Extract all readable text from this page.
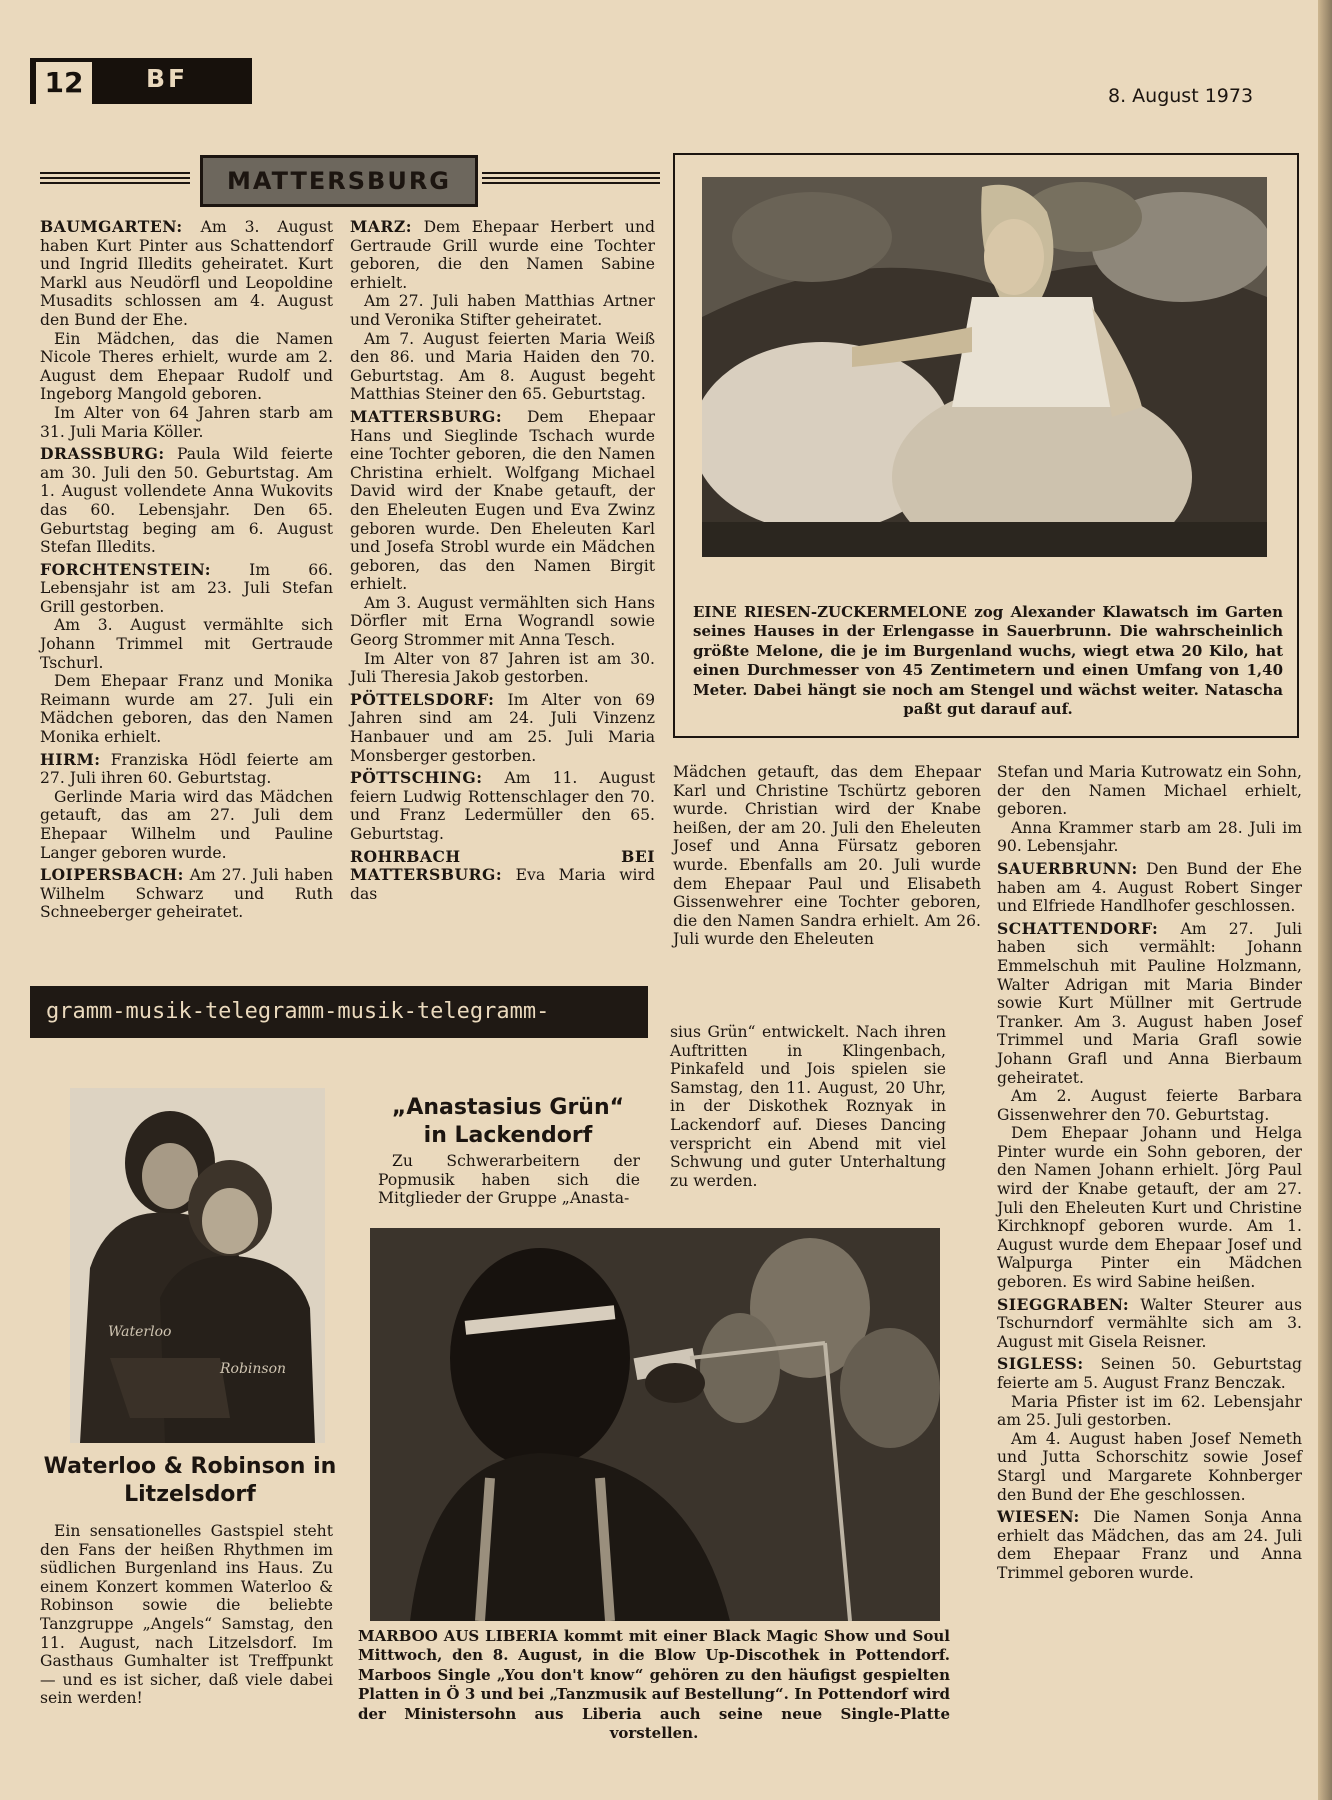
12	BF
8. August 1973
MATTERSBURG

BAUMGARTEN: Am 3. August haben Kurt Pinter aus Schattendorf und Ingrid Illedits geheiratet. Kurt Markl aus Neudörfl und Leopoldine Musadits schlossen am 4. August den Bund der Ehe.

Ein Mädchen, das die Namen Nicole Theres erhielt, wurde am 2. August dem Ehepaar Rudolf und Ingeborg Mangold geboren.

Im Alter von 64 Jahren starb am 31. Juli Maria Köller.

DRASSBURG: Paula Wild feierte am 30. Juli den 50. Geburtstag. Am 1. August vollendete Anna Wukovits das 60. Lebensjahr. Den 65. Geburtstag beging am 6. August Stefan Illedits.

FORCHTENSTEIN: Im 66. Lebensjahr ist am 23. Juli Stefan Grill gestorben.

Am 3. August vermählte sich Johann Trimmel mit Gertraude Tschurl.

Dem Ehepaar Franz und Monika Reimann wurde am 27. Juli ein Mädchen geboren, das den Namen Monika erhielt.

HIRM: Franziska Hödl feierte am 27. Juli ihren 60. Geburtstag.

Gerlinde Maria wird das Mädchen getauft, das am 27. Juli dem Ehepaar Wilhelm und Pauline Langer geboren wurde.

LOIPERSBACH: Am 27. Juli haben Wilhelm Schwarz und Ruth Schneeberger geheiratet.

MARZ: Dem Ehepaar Herbert und Gertraude Grill wurde eine Tochter geboren, die den Namen Sabine erhielt.

Am 27. Juli haben Matthias Artner und Veronika Stifter geheiratet.

Am 7. August feierten Maria Weiß den 86. und Maria Haiden den 70. Geburtstag. Am 8. August begeht Matthias Steiner den 65. Geburtstag.

MATTERSBURG: Dem Ehepaar Hans und Sieglinde Tschach wurde eine Tochter geboren, die den Namen Christina erhielt. Wolfgang Michael David wird der Knabe getauft, der den Eheleuten Eugen und Eva Zwinz geboren wurde. Den Eheleuten Karl und Josefa Strobl wurde ein Mädchen geboren, das den Namen Birgit erhielt.

Am 3. August vermählten sich Hans Dörfler mit Erna Wograndl sowie Georg Strommer mit Anna Tesch.

Im Alter von 87 Jahren ist am 30. Juli Theresia Jakob gestorben.

PÖTTELSDORF: Im Alter von 69 Jahren sind am 24. Juli Vinzenz Hanbauer und am 25. Juli Maria Monsberger gestorben.

PÖTTSCHING: Am 11. August feiern Ludwig Rottenschlager den 70. und Franz Ledermüller den 65. Geburtstag.

ROHRBACH BEI MATTERSBURG: Eva Maria wird das

EINE RIESEN-ZUCKERMELONE zog Alexander Klawatsch im Garten seines Hauses in der Erlengasse in Sauerbrunn. Die wahrscheinlich größte Melone, die je im Burgenland wuchs, wiegt etwa 20 Kilo, hat einen Durchmesser von 45 Zentimetern und einen Umfang von 1,40 Meter. Dabei hängt sie noch am Stengel und wächst weiter. Natascha paßt gut darauf auf.

Mädchen getauft, das dem Ehepaar Karl und Christine Tschürtz geboren wurde. Christian wird der Knabe heißen, der am 20. Juli den Eheleuten Josef und Anna Fürsatz geboren wurde. Ebenfalls am 20. Juli wurde dem Ehepaar Paul und Elisabeth Gissenwehrer eine Tochter geboren, die den Namen Sandra erhielt. Am 26. Juli wurde den Eheleuten

Stefan und Maria Kutrowatz ein Sohn, der den Namen Michael erhielt, geboren.

Anna Krammer starb am 28. Juli im 90. Lebensjahr.

SAUERBRUNN: Den Bund der Ehe haben am 4. August Robert Singer und Elfriede Handlhofer geschlossen.

SCHATTENDORF: Am 27. Juli haben sich vermählt: Johann Emmelschuh mit Pauline Holzmann, Walter Adrigan mit Maria Binder sowie Kurt Müllner mit Gertrude Tranker. Am 3. August haben Josef Trimmel und Maria Grafl sowie Johann Grafl und Anna Bierbaum geheiratet.

Am 2. August feierte Barbara Gissenwehrer den 70. Geburtstag.

Dem Ehepaar Johann und Helga Pinter wurde ein Sohn geboren, der den Namen Johann erhielt. Jörg Paul wird der Knabe getauft, der am 27. Juli den Eheleuten Kurt und Christine Kirchknopf geboren wurde. Am 1. August wurde dem Ehepaar Josef und Walpurga Pinter ein Mädchen geboren. Es wird Sabine heißen.

SIEGGRABEN: Walter Steurer aus Tschurndorf vermählte sich am 3. August mit Gisela Reisner.

SIGLESS: Seinen 50. Geburtstag feierte am 5. August Franz Benczak.

Maria Pfister ist im 62. Lebensjahr am 25. Juli gestorben.

Am 4. August haben Josef Nemeth und Jutta Schorschitz sowie Josef Stargl und Margarete Kohnberger den Bund der Ehe geschlossen.

WIESEN: Die Namen Sonja Anna erhielt das Mädchen, das am 24. Juli dem Ehepaar Franz und Anna Trimmel geboren wurde.

gramm-musik-telegramm-musik-telegramm-
Waterloo
Robinson
Waterloo & Robinson in Litzelsdorf

Ein sensationelles Gastspiel steht den Fans der heißen Rhythmen im südlichen Burgenland ins Haus. Zu einem Konzert kommen Waterloo & Robinson sowie die beliebte Tanzgruppe „Angels“ Samstag, den 11. August, nach Litzelsdorf. Im Gasthaus Gumhalter ist Treffpunkt — und es ist sicher, daß viele dabei sein werden!

„Anastasius Grün“ in Lackendorf

Zu Schwerarbeitern der Popmusik haben sich die Mitglieder der Gruppe „Anasta-

sius Grün“ entwickelt. Nach ihren Auftritten in Klingenbach, Pinkafeld und Jois spielen sie Samstag, den 11. August, 20 Uhr, in der Diskothek Roznyak in Lackendorf auf. Dieses Dancing verspricht ein Abend mit viel Schwung und guter Unterhaltung zu werden.

MARBOO AUS LIBERIA kommt mit einer Black Magic Show und Soul Mittwoch, den 8. August, in die Blow Up-Discothek in Pottendorf. Marboos Single „You don't know“ gehören zu den häufigst gespielten Platten in Ö 3 und bei „Tanzmusik auf Bestellung“. In Pottendorf wird der Ministersohn aus Liberia auch seine neue Single-Platte vorstellen.
